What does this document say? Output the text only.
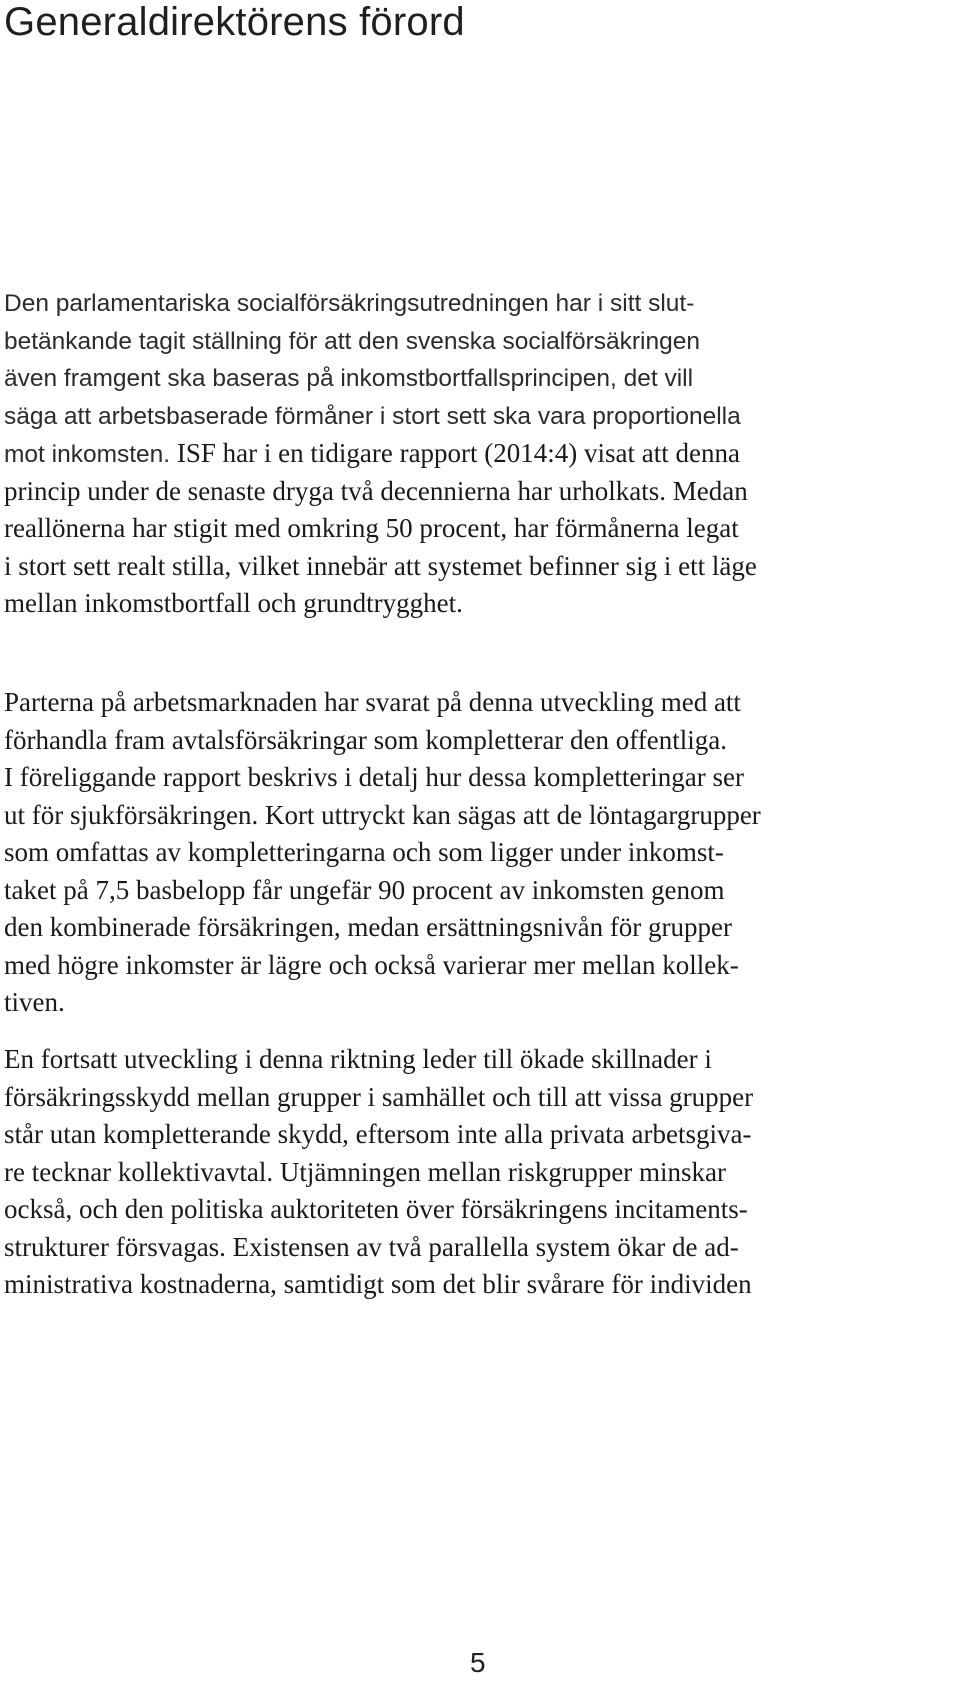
Generaldirektörens förord
Den parlamentariska socialförsäkringsutredningen har i sitt slut-
betänkande tagit ställning för att den svenska socialförsäkringen
även framgent ska baseras på inkomstbortfallsprincipen, det vill
säga att arbetsbaserade förmåner i stort sett ska vara proportionella
mot inkomsten. ISF har i en tidigare rapport (2014:4) visat att denna
princip under de senaste dryga två decennierna har urholkats. Medan
reallönerna har stigit med omkring 50 procent, har förmånerna legat
i stort sett realt stilla, vilket innebär att systemet befinner sig i ett läge
mellan inkomstbortfall och grundtrygghet.
Parterna på arbetsmarknaden har svarat på denna utveckling med att
förhandla fram avtalsförsäkringar som kompletterar den offentliga.
I föreliggande rapport beskrivs i detalj hur dessa kompletteringar ser
ut för sjukförsäkringen. Kort uttryckt kan sägas att de löntagargrupper
som omfattas av kompletteringarna och som ligger under inkomst-
taket på 7,5 basbelopp får ungefär 90 procent av inkomsten genom
den kombinerade försäkringen, medan ersättningsnivån för grupper
med högre inkomster är lägre och också varierar mer mellan kollek-
tiven.
En fortsatt utveckling i denna riktning leder till ökade skillnader i
försäkringsskydd mellan grupper i samhället och till att vissa grupper
står utan kompletterande skydd, eftersom inte alla privata arbetsgiva-
re tecknar kollektivavtal. Utjämningen mellan riskgrupper minskar
också, och den politiska auktoriteten över försäkringens incitaments-
strukturer försvagas. Existensen av två parallella system ökar de ad-
ministrativa kostnaderna, samtidigt som det blir svårare för individen
5
